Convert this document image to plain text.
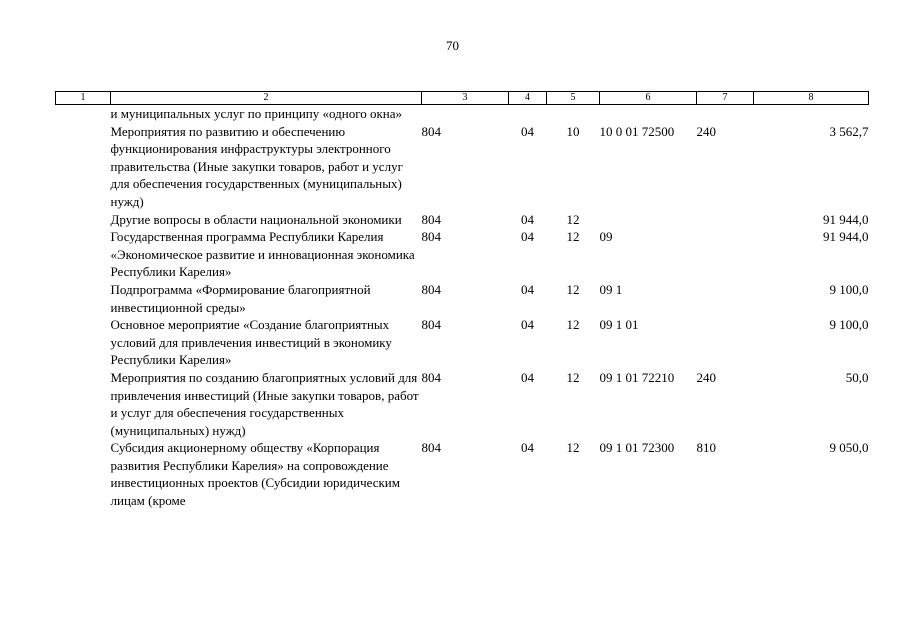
70
1	2	3	4	5	6	7	8
	и муниципальных услуг по принципу «одного окна»						
	Мероприятия по развитию и обеспечению функционирования инфраструктуры электронного правительства (Иные закупки товаров, работ и услуг для обеспечения государственных (муниципальных) нужд)	804	04	10	10 0 01 72500	240	3 562,7
	Другие вопросы в области национальной экономики	804	04	12			91 944,0
	Государственная программа Республики Карелия «Экономическое развитие и инновационная экономика Республики Карелия»	804	04	12	09		91 944,0
	Подпрограмма «Формирование благоприятной инвестиционной среды»	804	04	12	09 1		9 100,0
	Основное мероприятие «Создание благоприятных условий для привлечения инвестиций в экономику Республики Карелия»	804	04	12	09 1 01		9 100,0
	Мероприятия по созданию благоприятных условий для привлечения инвестиций (Иные закупки товаров, работ и услуг для обеспечения государственных (муниципальных) нужд)	804	04	12	09 1 01 72210	240	50,0
	Субсидия акционерному обществу «Корпорация развития Республики Карелия» на сопровождение инвестиционных проектов (Субсидии юридическим лицам (кроме	804	04	12	09 1 01 72300	810	9 050,0
